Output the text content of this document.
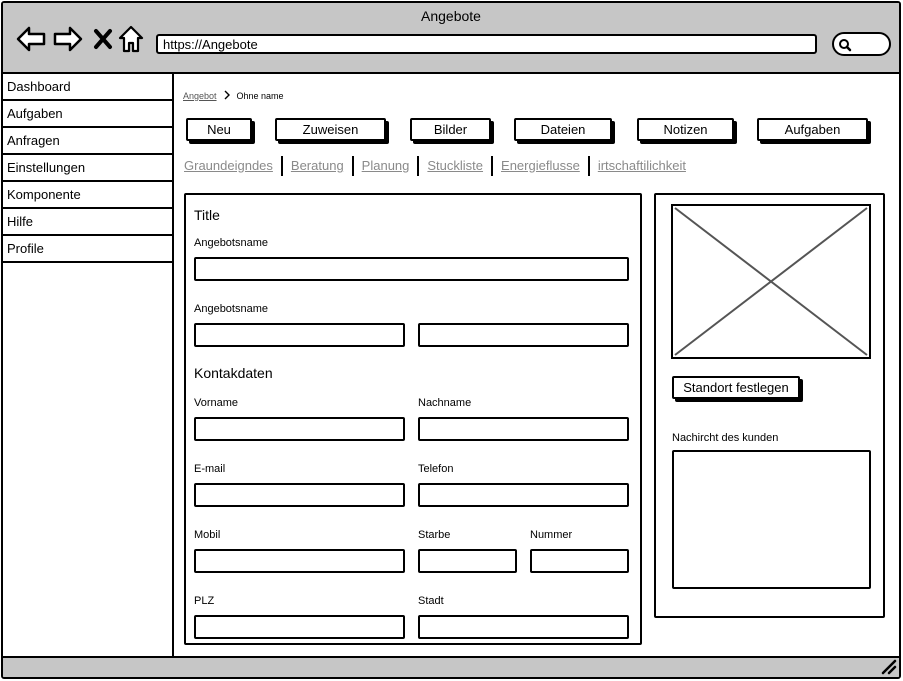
Angebote
https://Angebote
Dashboard
Aufgaben
Anfragen
Einstellungen
Komponente
Hilfe
Profile
Angebot Ohne name
Neu	Zuweisen	Bilder	Dateien	Notizen	Aufgaben
Graundeigndes	Beratung	Planung	Stuckliste	Energieflusse	irtschaftilichkeit
Title
Angebotsname
Angebotsname
Kontakdaten
Vorname	Nachname
E-mail	Telefon
Mobil	Starbe	Nummer
PLZ	Stadt
Standort festlegen
Nachircht des kunden
